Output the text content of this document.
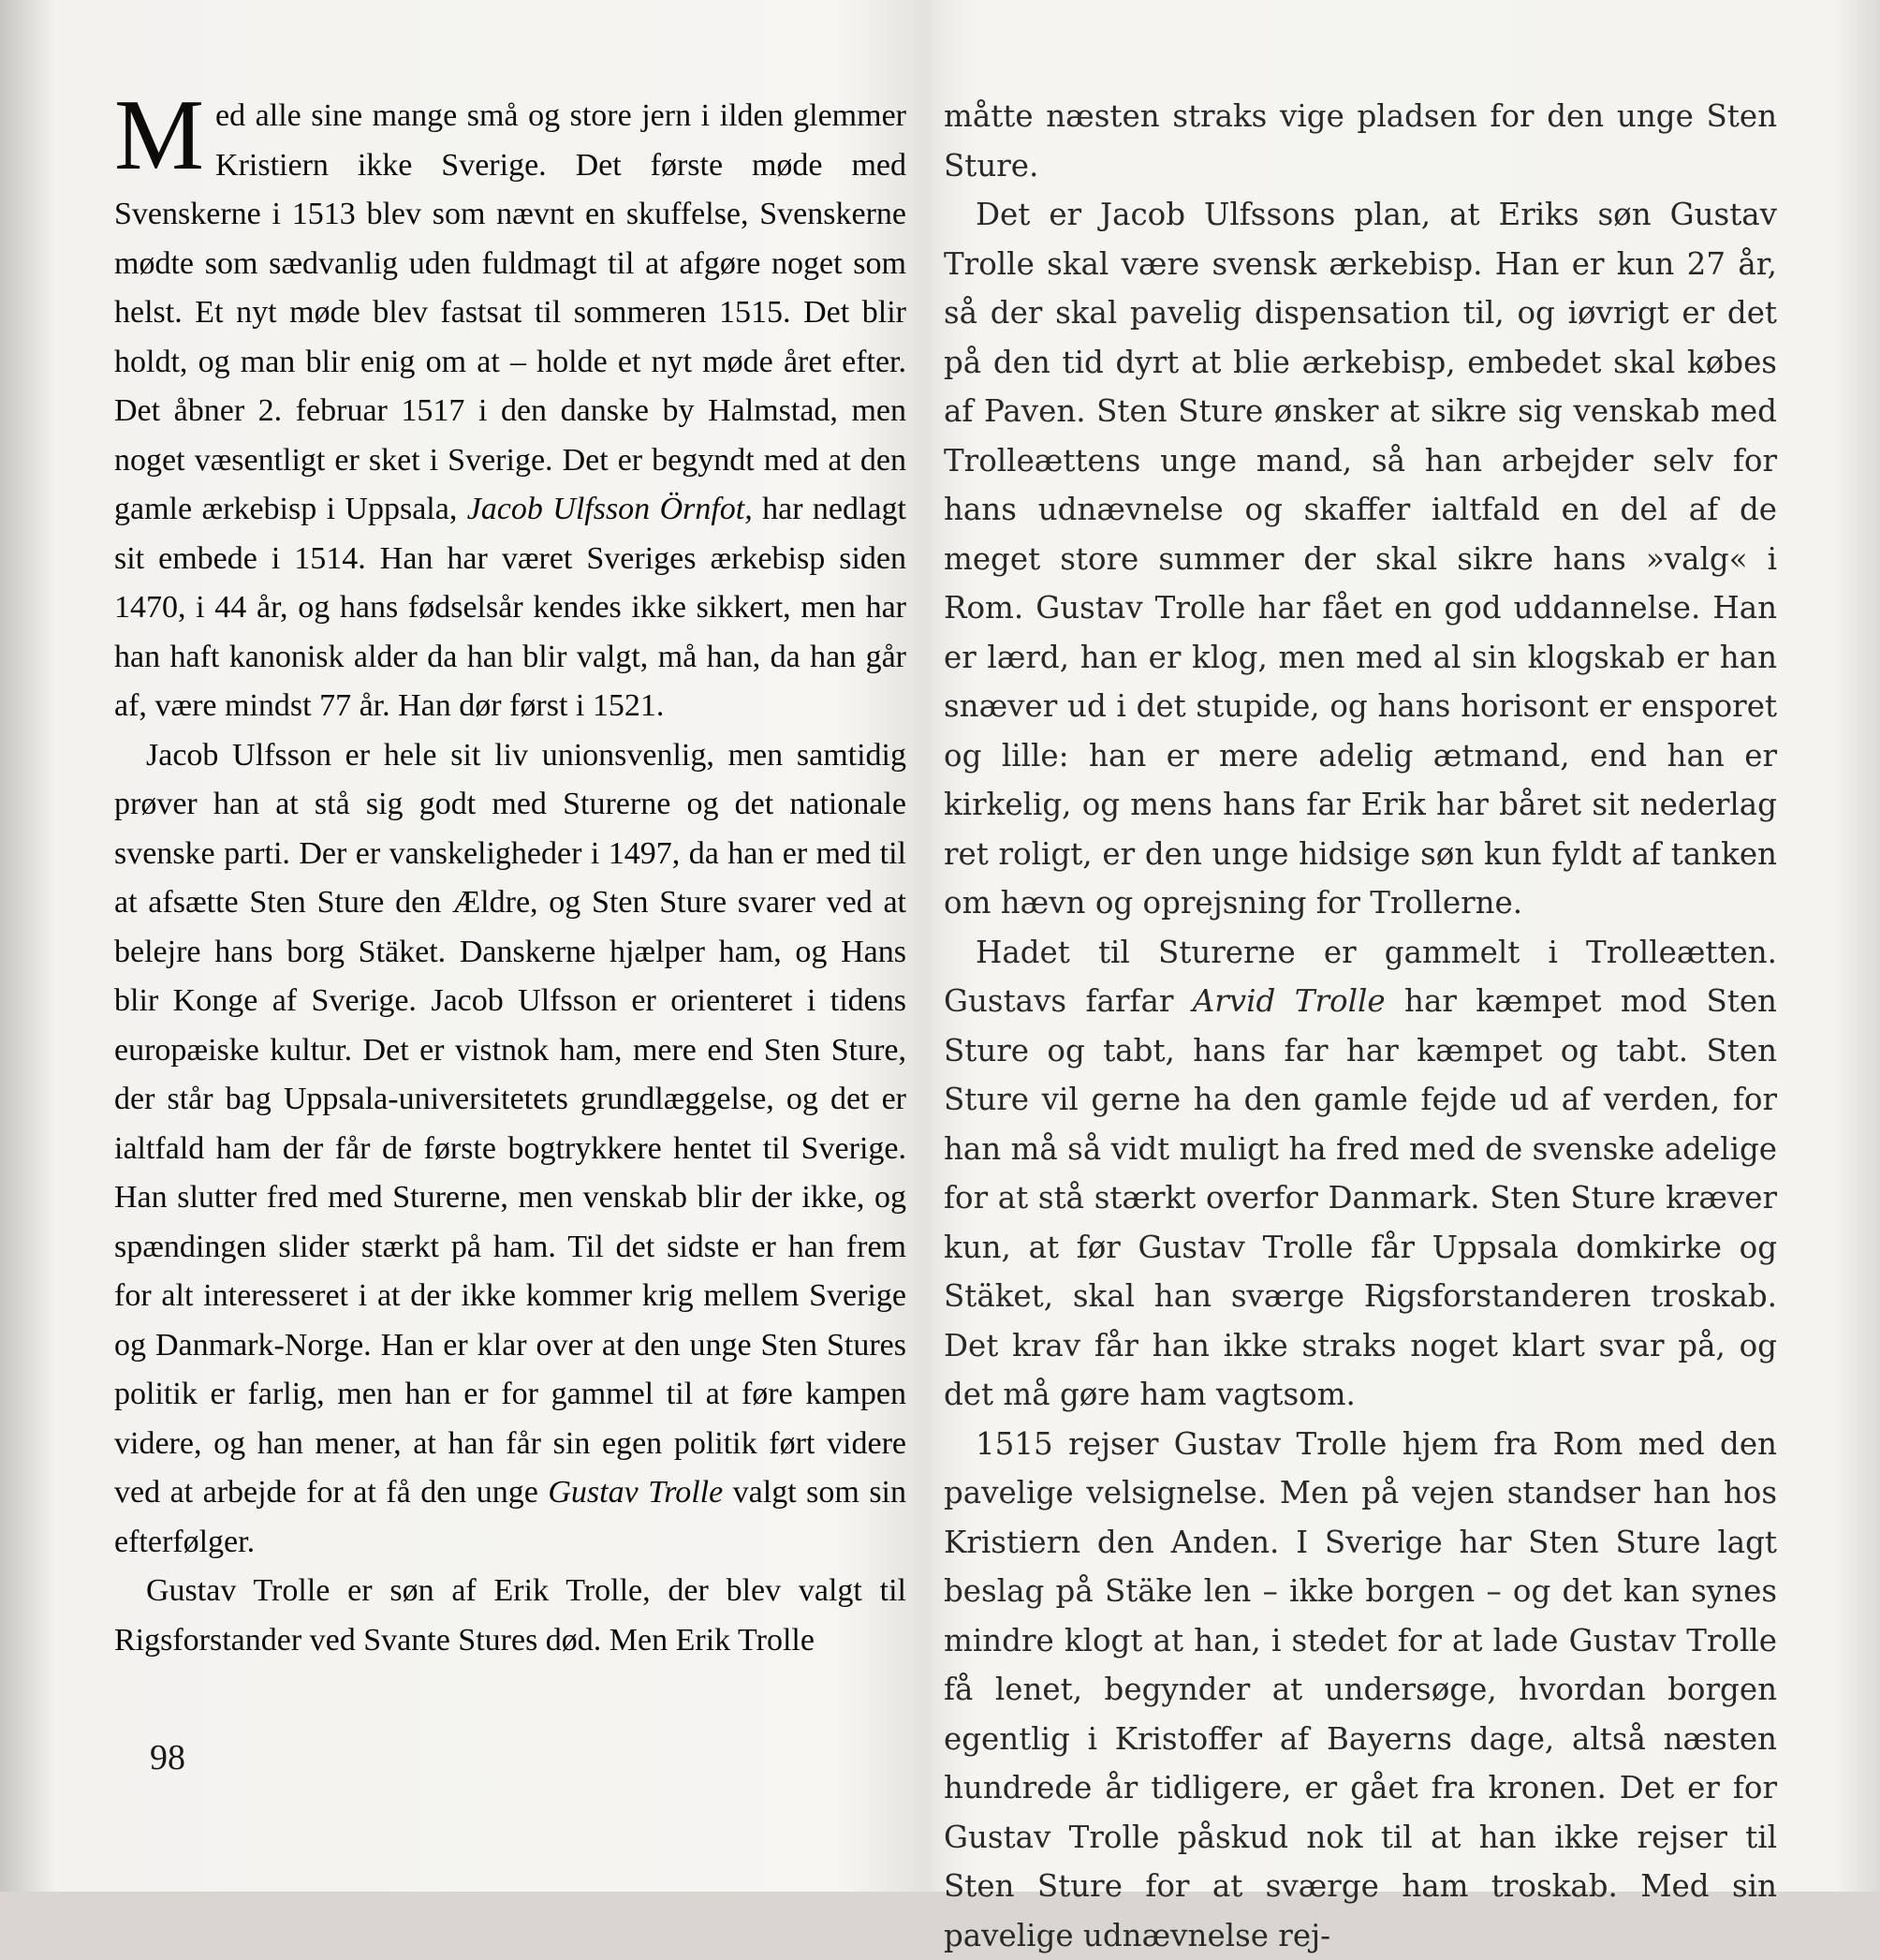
Med alle sine mange små og store jern i ilden glemmer Kristiern ikke Sverige. Det første møde med Svenskerne i 1513 blev som nævnt en skuffelse, Svenskerne mødte som sædvanlig uden fuldmagt til at afgøre noget som helst. Et nyt møde blev fastsat til sommeren 1515. Det blir holdt, og man blir enig om at – holde et nyt møde året efter. Det åbner 2. februar 1517 i den danske by Halmstad, men noget væsentligt er sket i Sverige. Det er begyndt med at den gamle ærkebisp i Uppsala, Jacob Ulfsson Örnfot, har nedlagt sit embede i 1514. Han har været Sveriges ærkebisp siden 1470, i 44 år, og hans fødselsår kendes ikke sikkert, men har han haft kanonisk alder da han blir valgt, må han, da han går af, være mindst 77 år. Han dør først i 1521.

Jacob Ulfsson er hele sit liv unionsvenlig, men samtidig prøver han at stå sig godt med Sturerne og det nationale svenske parti. Der er vanskeligheder i 1497, da han er med til at afsætte Sten Sture den Ældre, og Sten Sture svarer ved at belejre hans borg Stäket. Danskerne hjælper ham, og Hans blir Konge af Sverige. Jacob Ulfsson er orienteret i tidens europæiske kultur. Det er vistnok ham, mere end Sten Sture, der står bag Uppsala-universitetets grundlæggelse, og det er ialtfald ham der får de første bogtrykkere hentet til Sverige. Han slutter fred med Sturerne, men venskab blir der ikke, og spændingen slider stærkt på ham. Til det sidste er han frem for alt interesseret i at der ikke kommer krig mellem Sverige og Danmark-Norge. Han er klar over at den unge Sten Stures politik er farlig, men han er for gammel til at føre kampen videre, og han mener, at han får sin egen politik ført videre ved at arbejde for at få den unge Gustav Trolle valgt som sin efterfølger.

Gustav Trolle er søn af Erik Trolle, der blev valgt til Rigsforstander ved Svante Stures død. Men Erik Trolle

98

måtte næsten straks vige pladsen for den unge Sten Sture.

Det er Jacob Ulfssons plan, at Eriks søn Gustav Trolle skal være svensk ærkebisp. Han er kun 27 år, så der skal pavelig dispensation til, og iøvrigt er det på den tid dyrt at blie ærkebisp, embedet skal købes af Paven. Sten Sture ønsker at sikre sig venskab med Trolleættens unge mand, så han arbejder selv for hans udnævnelse og skaffer ialtfald en del af de meget store summer der skal sikre hans »valg« i Rom. Gustav Trolle har fået en god uddannelse. Han er lærd, han er klog, men med al sin klogskab er han snæver ud i det stupide, og hans horisont er ensporet og lille: han er mere adelig ætmand, end han er kirkelig, og mens hans far Erik har båret sit nederlag ret roligt, er den unge hidsige søn kun fyldt af tanken om hævn og oprejsning for Trollerne.

Hadet til Sturerne er gammelt i Trolleætten. Gustavs farfar Arvid Trolle har kæmpet mod Sten Sture og tabt, hans far har kæmpet og tabt. Sten Sture vil gerne ha den gamle fejde ud af verden, for han må så vidt muligt ha fred med de svenske adelige for at stå stærkt overfor Danmark. Sten Sture kræver kun, at før Gustav Trolle får Uppsala domkirke og Stäket, skal han sværge Rigsforstanderen troskab. Det krav får han ikke straks noget klart svar på, og det må gøre ham vagtsom.

1515 rejser Gustav Trolle hjem fra Rom med den pavelige velsignelse. Men på vejen standser han hos Kristiern den Anden. I Sverige har Sten Sture lagt beslag på Stäke len – ikke borgen – og det kan synes mindre klogt at han, i stedet for at lade Gustav Trolle få lenet, begynder at undersøge, hvordan borgen egentlig i Kristoffer af Bayerns dage, altså næsten hundrede år tidligere, er gået fra kronen. Det er for Gustav Trolle påskud nok til at han ikke rejser til Sten Sture for at sværge ham troskab. Med sin pavelige udnævnelse rej-
